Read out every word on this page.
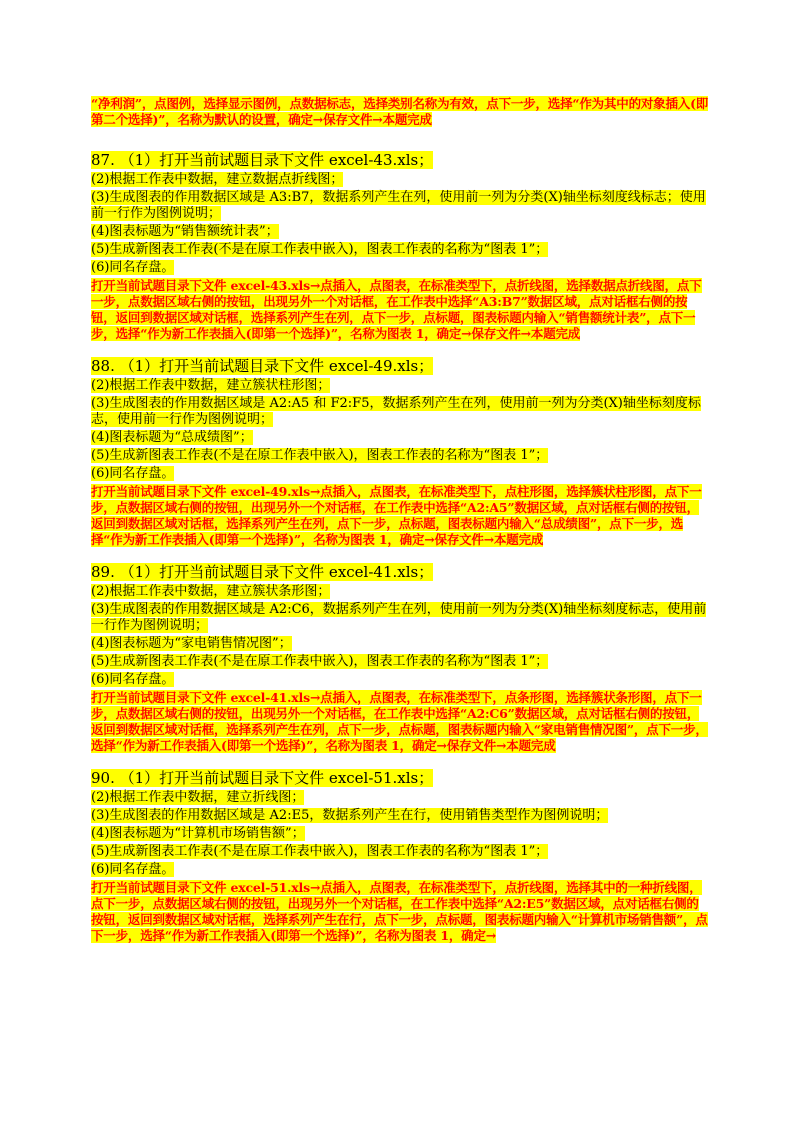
“净利润”，点图例，选择显示图例，点数据标志，选择类别名称为有效，点下一步，选择“作为其中的对象插入(即第二个选择)”，名称为默认的设置，确定→保存文件→本题完成
87. （1）打开当前试题目录下文件 excel-43.xls；
(2)根据工作表中数据，建立数据点折线图；
(3)生成图表的作用数据区域是 A3:B7，数据系列产生在列，使用前一列为分类(X)轴坐标刻度线标志；使用前一行作为图例说明；
(4)图表标题为“销售额统计表”；
(5)生成新图表工作表(不是在原工作表中嵌入)，图表工作表的名称为“图表 1”；
(6)同名存盘。
打开当前试题目录下文件 excel-43.xls→点插入，点图表，在标准类型下，点折线图，选择数据点折线图，点下一步，点数据区域右侧的按钮，出现另外一个对话框，在工作表中选择“A3:B7”数据区域，点对话框右侧的按钮，返回到数据区域对话框，选择系列产生在列，点下一步，点标题，图表标题内输入“销售额统计表”，点下一步，选择“作为新工作表插入(即第一个选择)”，名称为图表 1，确定→保存文件→本题完成
88. （1）打开当前试题目录下文件 excel-49.xls；
(2)根据工作表中数据，建立簇状柱形图；
(3)生成图表的作用数据区域是 A2:A5 和 F2:F5，数据系列产生在列，使用前一列为分类(X)轴坐标刻度标志，使用前一行作为图例说明；
(4)图表标题为“总成绩图”；
(5)生成新图表工作表(不是在原工作表中嵌入)，图表工作表的名称为“图表 1”；
(6)同名存盘。
打开当前试题目录下文件 excel-49.xls→点插入，点图表，在标准类型下，点柱形图，选择簇状柱形图，点下一步，点数据区域右侧的按钮，出现另外一个对话框，在工作表中选择“A2:A5”数据区域，点对话框右侧的按钮，返回到数据区域对话框，选择系列产生在列，点下一步，点标题，图表标题内输入“总成绩图”，点下一步，选择“作为新工作表插入(即第一个选择)”，名称为图表 1，确定→保存文件→本题完成
89. （1）打开当前试题目录下文件 excel-41.xls；
(2)根据工作表中数据，建立簇状条形图；
(3)生成图表的作用数据区域是 A2:C6，数据系列产生在列，使用前一列为分类(X)轴坐标刻度标志，使用前一行作为图例说明；
(4)图表标题为“家电销售情况图”；
(5)生成新图表工作表(不是在原工作表中嵌入)，图表工作表的名称为“图表 1”；
(6)同名存盘。
打开当前试题目录下文件 excel-41.xls→点插入，点图表，在标准类型下，点条形图，选择簇状条形图，点下一步，点数据区域右侧的按钮，出现另外一个对话框，在工作表中选择“A2:C6”数据区域，点对话框右侧的按钮，返回到数据区域对话框，选择系列产生在列，点下一步，点标题，图表标题内输入“家电销售情况图”，点下一步，选择“作为新工作表插入(即第一个选择)”，名称为图表 1，确定→保存文件→本题完成
90. （1）打开当前试题目录下文件 excel-51.xls；
(2)根据工作表中数据，建立折线图；
(3)生成图表的作用数据区域是 A2:E5，数据系列产生在行，使用销售类型作为图例说明；
(4)图表标题为“计算机市场销售额”；
(5)生成新图表工作表(不是在原工作表中嵌入)，图表工作表的名称为“图表 1”；
(6)同名存盘。
打开当前试题目录下文件 excel-51.xls→点插入，点图表，在标准类型下，点折线图，选择其中的一种折线图，点下一步，点数据区域右侧的按钮，出现另外一个对话框，在工作表中选择“A2:E5”数据区域，点对话框右侧的按钮，返回到数据区域对话框，选择系列产生在行，点下一步，点标题，图表标题内输入“计算机市场销售额”，点下一步，选择“作为新工作表插入(即第一个选择)”，名称为图表 1，确定→
